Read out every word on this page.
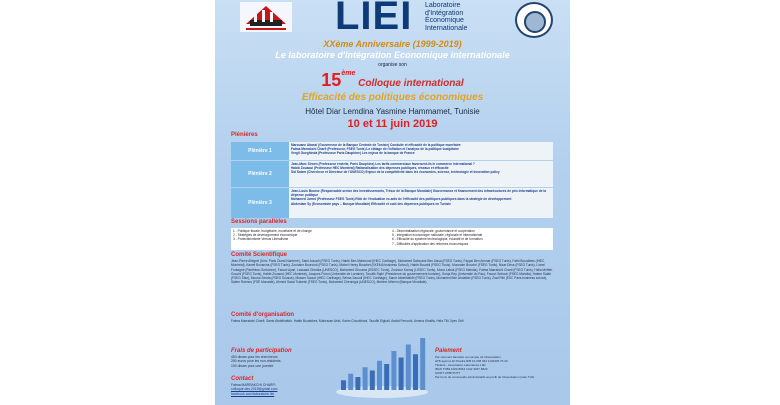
LIEI Laboratoire
d'Intégration
Économique
Internationale
XXème Anniversaire (1999-2019)
Le laboratoire d'Intégration Economique internationale
organise son
15ème Colloque international
Efficacité des politiques économiques
Hôtel Diar Lemdina Yasmine Hammamet, Tunisie
10 et 11 juin 2019
Plénières
Plénière 1
Marouane Abassi (Gouverneur de la Banque Centrale de Tunisie) Conduite et efficacité de la politique monétaire
Fatma Marrakchi Charfi (Professeur, FSEG Tunis) Le ciblage de l'inflation et l'analyse de la politique budgétaire
Vergil Gueghinda (Professeur Paris Dauphine) Les enjeux de la banque de France
Plénière 2
Jean-Marc Siroen (Professeur émérite, Paris Dauphine) Les tarifs commerciaux favorisent-ils le commerce international ?
Habib Zouaoui (Professeur HEC Montréal) Rationalisation des dépenses publiques, réseaux et efficacité
Sid Salem (Chercheur et Directeur de l'UNESCO) Enjeux de la compétitivité dans les économies, science, technologie et innovation policy
Plénière 3
Jean-Louis Bourse (Responsable senior des investissements, Trésor de la Banque Mondiale) Gouvernance et financement des infrastructures de prix informatique de la dépense publique
Mohamed Jomni (Professeur FSEG Tunis) Rôle de l'évaluation ex-ante de l'efficacité des politiques publiques dans la stratégie de développement
Abdeslam Sy (Economiste pays – Banque Mondiale) Efficacité et coût des dépenses publiques en Tunisie
Sessions parallèles
1 - Politique fiscale, budgétaire, monétaire et de change
2 - Stratégies de développement économique
3 - Protectionnisme Versus Libéralisme
4 - Décentralisation régionale, gouvernance et coopération
5 - Intégration économique nationale, régionale et internationale
6 - Efficacité du système technologique, éducatif et de formation
7 - Difficultés d'application des réformes économiques
Comité Scientifique
Jean-Pierre Allegret (Univ. Paris Ouest Nanterre), Sami Aouadi (FSEG Tunis), Habib Ben Mahmoud (IHEC Carthage), Mohamed Safouane Ben Aissa (FSEG Tunis), Fayçal Ben Ammar (FSEG Tunis), Fathi Bouabbes (IHEC Montréal), Kamel Bousnina (FSEG Tunis), Zouhaier Bourchdi (FSEG Tunis), Michel Henry Bouchet (SKEMA business School), Habib Bouzidi (FSEG Tunis), Mounaim Bouchri (FSEG Tunis), Nizar Driss (FSEG Tunis), Lionel Fontagné (Panthéon-Sorbonne), Faouzi Ayari, Lassaad Ghedira (UNESCO), Mohamed Ghouma (ESSEC Tunis), Zouhour Karray (LSSEC Tunis), Mona Labidi (FSEG Mahdia), Fatma Marrakchi Charfi (FSEG Tunis), Hella Mefteh Gouchi (FSEG Tunis), Habib Zouaoui (HEC Montréal), Jacques Poirot (Université de Lorraine), Taoufik Rajhi (Présidence du gouvernement tunisien), Sonja Rey (Université du Pau), Faouzi Sebouii (FSEG Mahdia), Hatem Salah (FSEG Sfax), Mouna Smida (FSEG Sousse), Mosser Saoud (IHEC Carthage), Selma Saoudi (IHEC Carthage), Samir Abdelhafidh (FSEG Tunis), Mohamed Ben Abdallah (FSEG Tunis), Ziad Rihi (ESC Paris business school), Salem Rannou (FSE Monastir), Ahmed Sassi Trabelsi (FSEG Tunis), Mohamed Chennigui (UNESCO), Meriem Mhenni (Banque Mondiale).
Comité d'organisation
Fatma Marrakchi Charfi, Samir Abdelhafidh, Habib Bouabbes, Mahrazan Abid, Karim Chouikhani, Taoufik Elghali, Arafat Ferrouhi, Amena Khalifa, Hela Tlili, Ilyes Griti
Frais de participation
450 dinars pour les chercheurs
250 euros pour les non-résidents
100 dinars pour une journée
Contact
Fatma MARRAKCHI CHARFI
colloque.des.2019@gmail.com
facebook.com/laboratoire.liei
Paiement
Par virement bancaire au compte de l'Association
ATB agence El Khadra RIB 10 208 064 1102345 76 20
Titulaire : Association Laboratoire LIEI
IBAN TN59 1020 8064 1102 3457 6820
SWIFT ATBKTNTT
Par bons de commande administratifs au profit de l'Association (code TVA)
